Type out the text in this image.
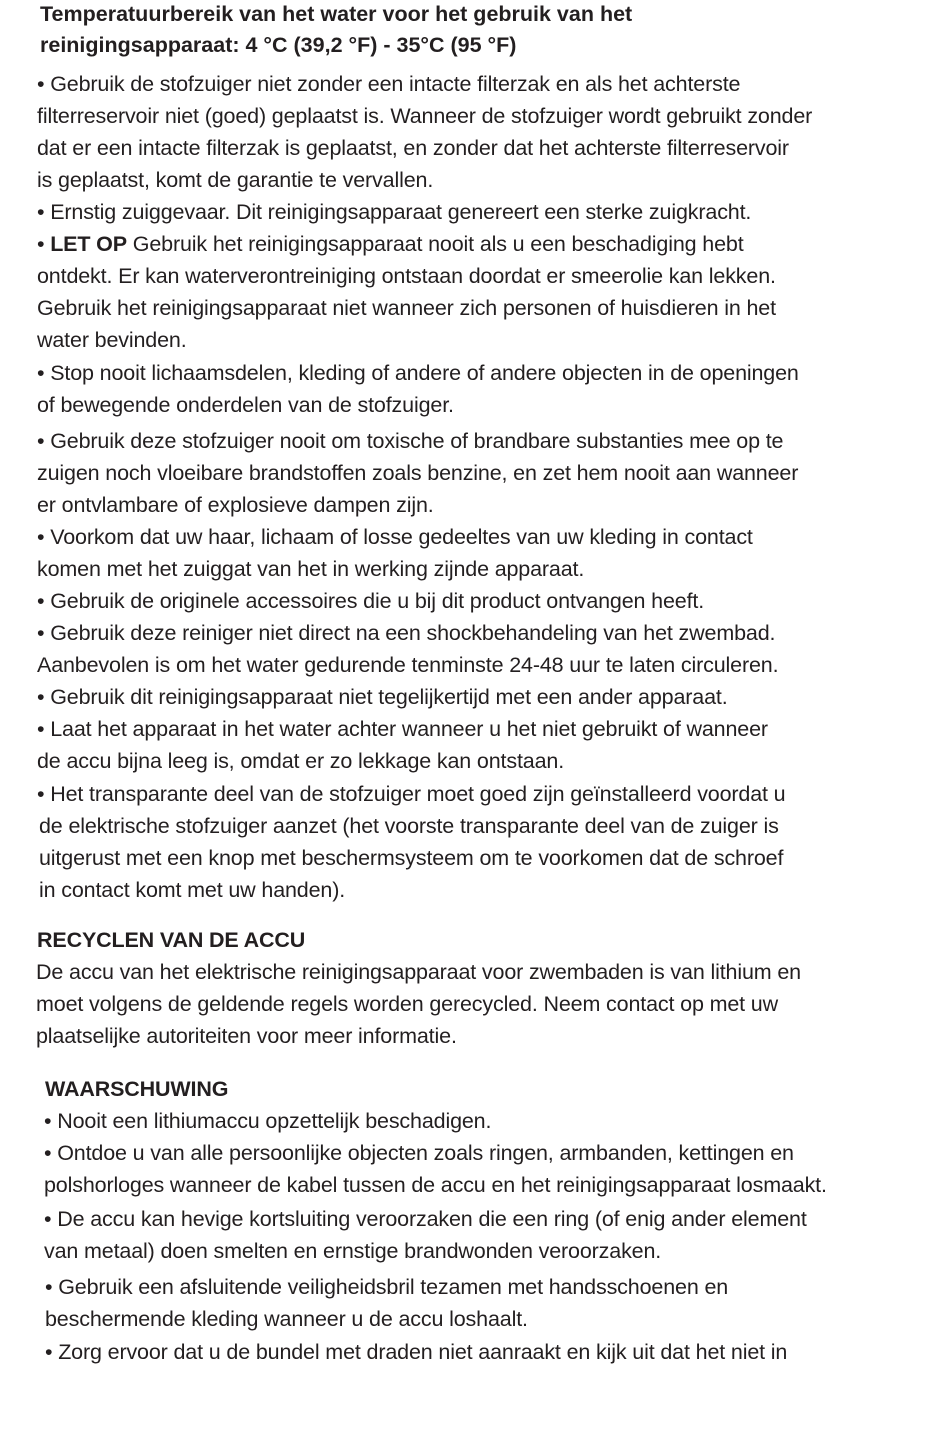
Temperatuurbereik van het water voor het gebruik van het
reinigingsapparaat: 4 °C (39,2 °F) - 35°C (95 °F)
• Gebruik de stofzuiger niet zonder een intacte filterzak en als het achterste
filterreservoir niet (goed) geplaatst is. Wanneer de stofzuiger wordt gebruikt zonder
dat er een intacte filterzak is geplaatst, en zonder dat het achterste filterreservoir
is geplaatst, komt de garantie te vervallen.
• Ernstig zuiggevaar. Dit reinigingsapparaat genereert een sterke zuigkracht.
• LET OP Gebruik het reinigingsapparaat nooit als u een beschadiging hebt
ontdekt. Er kan waterverontreiniging ontstaan doordat er smeerolie kan lekken.
Gebruik het reinigingsapparaat niet wanneer zich personen of huisdieren in het
water bevinden.
• Stop nooit lichaamsdelen, kleding of andere of andere objecten in de openingen
of bewegende onderdelen van de stofzuiger.
• Gebruik deze stofzuiger nooit om toxische of brandbare substanties mee op te
zuigen noch vloeibare brandstoffen zoals benzine, en zet hem nooit aan wanneer
er ontvlambare of explosieve dampen zijn.
• Voorkom dat uw haar, lichaam of losse gedeeltes van uw kleding in contact
komen met het zuiggat van het in werking zijnde apparaat.
• Gebruik de originele accessoires die u bij dit product ontvangen heeft.
• Gebruik deze reiniger niet direct na een shockbehandeling van het zwembad.
Aanbevolen is om het water gedurende tenminste 24-48 uur te laten circuleren.
• Gebruik dit reinigingsapparaat niet tegelijkertijd met een ander apparaat.
• Laat het apparaat in het water achter wanneer u het niet gebruikt of wanneer
de accu bijna leeg is, omdat er zo lekkage kan ontstaan.
• Het transparante deel van de stofzuiger moet goed zijn geïnstalleerd voordat u
de elektrische stofzuiger aanzet (het voorste transparante deel van de zuiger is
uitgerust met een knop met beschermsysteem om te voorkomen dat de schroef
in contact komt met uw handen).
RECYCLEN VAN DE ACCU
De accu van het elektrische reinigingsapparaat voor zwembaden is van lithium en
moet volgens de geldende regels worden gerecycled. Neem contact op met uw
plaatselijke autoriteiten voor meer informatie.
WAARSCHUWING
• Nooit een lithiumaccu opzettelijk beschadigen.
• Ontdoe u van alle persoonlijke objecten zoals ringen, armbanden, kettingen en
polshorloges wanneer de kabel tussen de accu en het reinigingsapparaat losmaakt.
• De accu kan hevige kortsluiting veroorzaken die een ring (of enig ander element
van metaal) doen smelten en ernstige brandwonden veroorzaken.
• Gebruik een afsluitende veiligheidsbril tezamen met handsschoenen en
beschermende kleding wanneer u de accu loshaalt.
• Zorg ervoor dat u de bundel met draden niet aanraakt en kijk uit dat het niet in
